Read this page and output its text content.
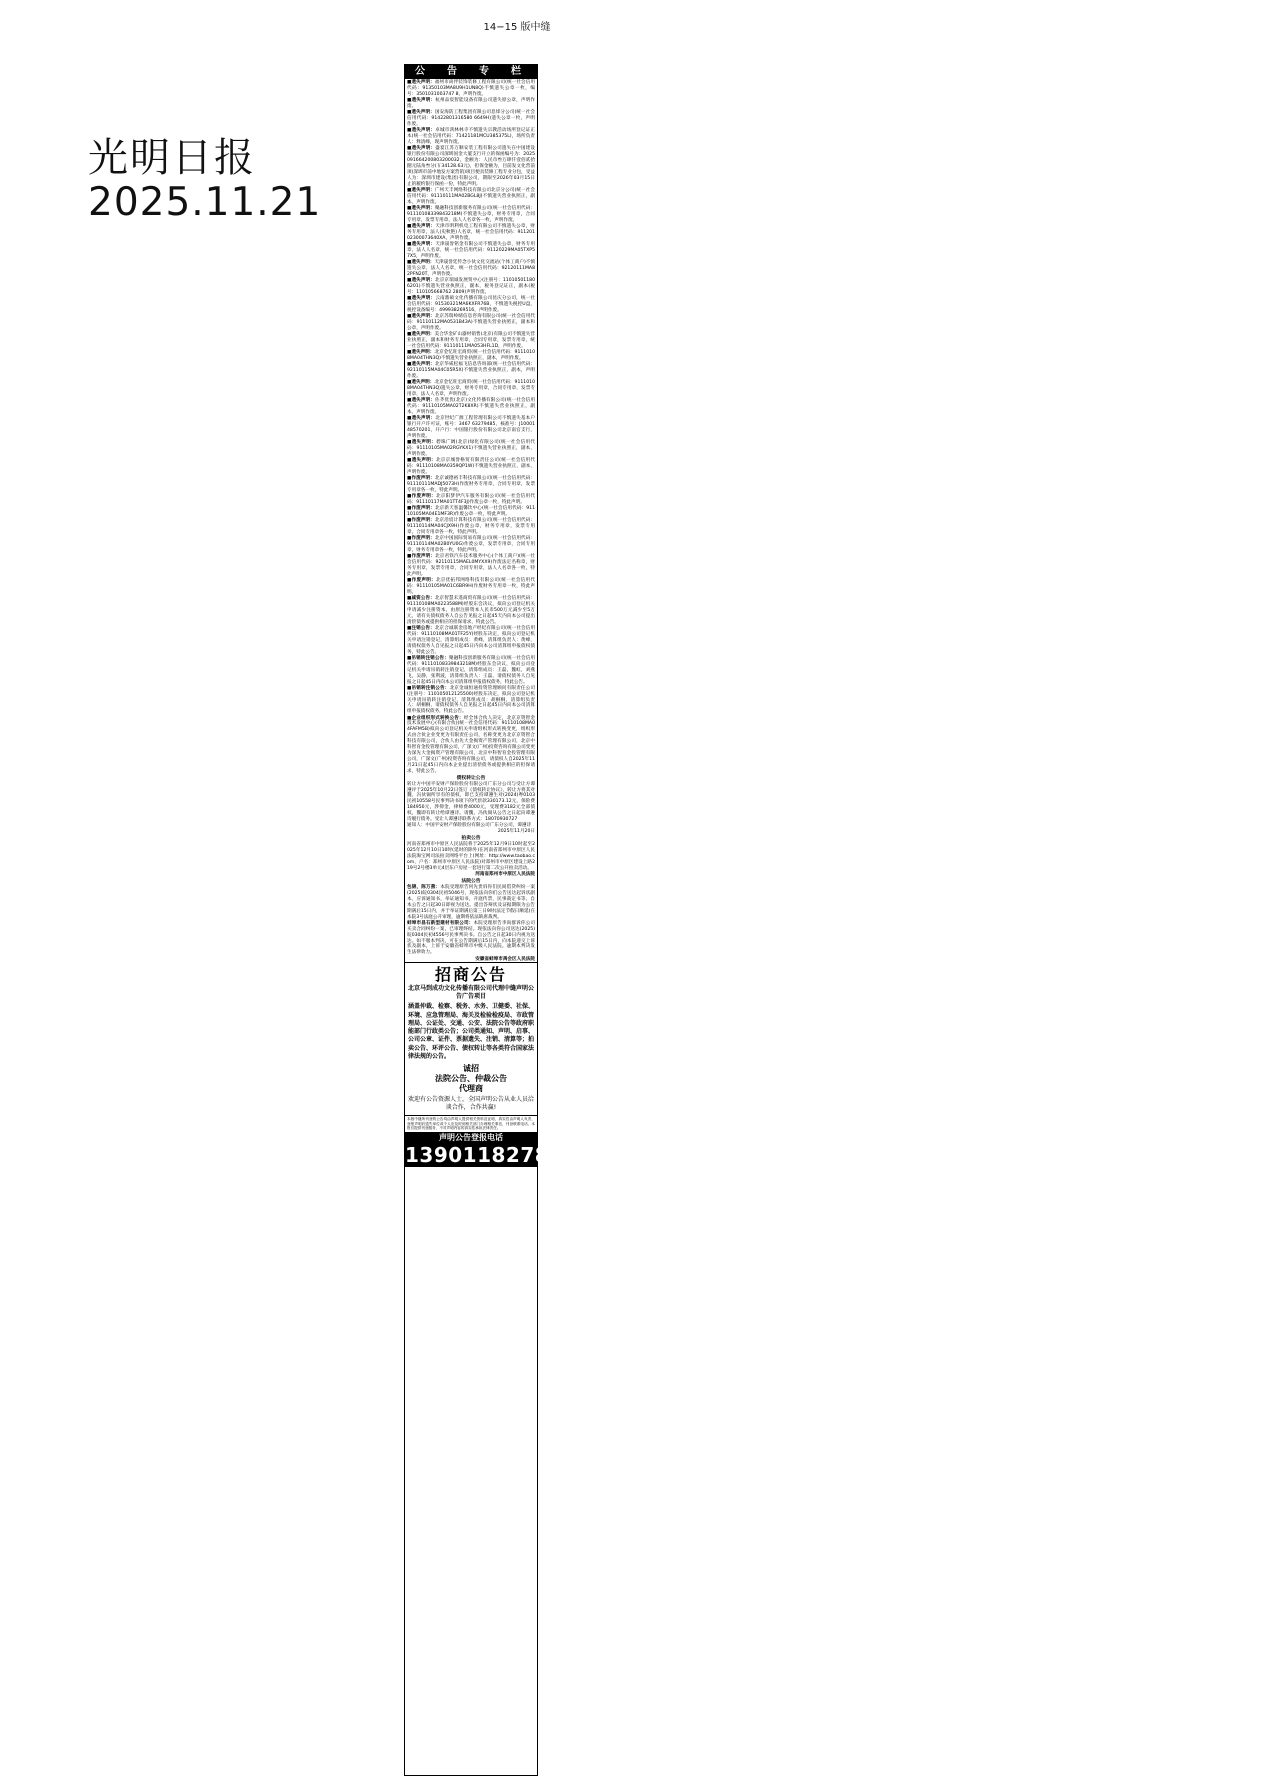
14−15 版中缝
光明日报
2025.11.21
公　告　专　栏

■遗失声明：福州市尚伴装饰装修工程有限公司(统一社会信用代码：91350103MA8U9H1UN8Q)不慎遗失公章一枚，编号：3501031003747 8，声明作废。

■遗失声明：杭州品宸智能设备有限公司遗失原公章，声明作废。

■遗失声明：国安海防工程集团有限公司息烽分公司(统一社会信用代码：91422801316580 6649H)遗失公章一枚，声明作废。

■遗失声明：卓城市鸿林林寺不慎遗失宗教活动场所登记证正本(统一社会信用代码：71421181MCU385375L)，场所负责人：释清峰，现声明作废。

■遗失声明：盛宴江苏万顺安装工程有限公司遗失在中国建设银行股份有限公司深圳国金大厦支行开立的保函编号为：2025091664200803200032，金额为：人民币叁万肆仟壹佰贰拾捌元陆角叁分(￥34128.63元)，担保金额为，目前发文化营前项(深圳市前中地发方案营销)项目便具装修工程专业分包，受益人为：深圳市建设(集团)有限公司，期限至2026年03月15日止的履约银行保函一份，特此声明。

■遗失声明：广州天丰网络科技有限公司北京分公司(统一社会信用代码：91110111MA02BGL8J)不慎遗失营业执照正，副本，声明作废。

■遗失声明：聚融科技创新服务有限公司(统一社会信用代码：91110108339843218M)不慎遗失公章，财务专用章，合同专用章，发票专用章，法人人名章各一枚，声明作废。

■遗失声明：天津市明利机电工程有限公司不慎遗失公章，财务专用章，法人(史秋艳)人名章，统一社会信用代码：91120102300073640XA，声明作废。

■遗失声明：天津晟誉铭金有限公司不慎遗失公章，财务专用章，法人人名章，统一社会信用代码：91120229MA05TXP57X5，声明作废。

■遗失声明：天津晟誉廷传念小伙文化交流站(个体工商户)不慎遗失公章，法人人名章，统一社会信用代码：92120111MA82PFN20T，声明作废。

■遗失声明：北京京瑞诚发展贸中心(注册号：110105011806201)不慎遗失营业执照正，副本，税务登记证正，副本(税号：110105668762 2809)声明作废。

■遗失声明：云南鼎硕文化传播有限公司昆庆分公司，统一社会信用代码：91530321MA6KXFR76B，不慎遗失税控U盘，税控设备编号：499938269516，声明作废。

■遗失声明：北京苏瑞岭晴信息咨询有限公司(统一社会信用代码：91110112MA0531B43A)不慎遗失营业执照正，副本和公章，声明作废。

■遗失声明：美合华金矿山器材销售(北京)有限公司不慎遗失营业执照正，副本和财务专用章，合同专用章，发票专用章，统一社会信用代码：91110111MA053HFL1D，声明作废。

■遗失声明：北京金忆旺宏商贸(统一社会信用代码：91110108MA04THN3Q)不慎遗失营业执照正，副本，声明作废。

■遗失声明：北京华威松福飞信息咨询部(统一社会信用代码：92110115MA04C05R5X)不慎遗失营业执照正，副本，声明作废。

■遗失声明：北京金忆旺宏商贸(统一社会信用代码：91110108MA04THN3Q)遗失公章，财务专用章，合同专用章，发票专用章，法人人名章，声明作废。

■遗失声明：佐齐优优(北京)文化传播有限公司(统一社会信用代码：91110105MA02T2K8XR)不慎遗失营业执照正，副本，声明作废。

■遗失声明：北京世纪广源工程管理有限公司不慎遗失基本户银行开户许可证，账号：3467 63279485，核准号：J1000148570201，开户行：中国银行股份有限公司北京南官支行，声明作废。

■遗失声明：碧珠广阔(北京)绿化有限公司(统一社会信用代码：91110105MA02RGYKX1)不慎遗失营业执照正，副本，声明作废。

■遗失声明：北京京城誉格贸有限责任公司(统一社会信用代码：91110108MA0359QP1W)不慎遗失营业执照正，副本，声明作废。

■作废声明：北京诚德裕丰科技有限公司(统一社会信用代码：91110111MADJ5073H)作废财务专用章，合同专用章，发票专用章各一枚，特此声明。

■作废声明：北京阳梦伊汽车服务有限公司(统一社会信用代码：91110117MA01TT4F3J)作废公章一枚，特此声明。

■作废声明：北京新天客温馨饮中心(统一社会信用代码：91110105MA04E1MF3R)作废公章一枚，特此声明。

■作废声明：北京沿宸计算科技有限公司(统一社会信用代码：91110114MA04CJX9H)作废公章，财务专用章，发票专用章，合同专用章各一枚，特此声明。

■作废声明：北京中国国际贸易有限公司(统一社会信用代码：91110114MA02B0YU0G)作废公章，发票专用章，合同专用章，财务专用章各一枚，特此声明。

■作废声明：北京君铁汽车技术服务中心(个体工商户)(统一社会信用代码：92110115MAEL0MYXX9)作废法定名称章，财务专用章，发票专用章，合同专用章，法人人名章各一枚，特此声明。

■作废声明：北京优拓邦网络科技有限公司(统一社会信用代码：91110105MA01C6BR9H)作废财务专用章一枚，特此声明。

■减资公告：北京智慧未遥商贸有限公司(统一社会信用代码：91110108MA0223588M)经股东会决议，拟向公司登记机关申请减少注册资本，由原注册资本人民币500万元减少至5万元，请有关债权债务人自公告见报之日起45天内向本公司提出清偿债务或提供相应的担保请求，特此公告。

■注销公告：北京合诚联金房地产经纪有限公司(统一社会信用代码：91110108MA01TF25Y)经股东决定，拟向公司登记机关申请注销登记，清算组成员：黄峰，清算组负责人：黄峰，请债权债务人自见报之日起45日内向本公司清算组申报债权债务，特此公告。

■吊销转注销公告：聚融科技创新服务有限公司(统一社会信用代码：91110108339843218M)经股东会决议，拟向公司登记机关申请吊销转注销登记，清算组成员：王磊，魏虹，刘燕飞，吴静，张利波，清算组负责人：王磊，请债权债务人自见报之日起45日内向本公司清算组申报债权债务，特此公告。

■吊销转注销公告：北京金诚恒通投资管理顾问有限责任公司(注册号：110105012125500)经股东决定，拟向公司登记机关申请吊销转注销登记，清算组成员：胡桐桐，清算组负责人：胡桐桐，请债权债务人自见报之日起45日内向本公司清算组申报债权债务，特此公告。

■企业组织形式转换公告：经全体合伙人决定，北京京资智金技术发展中心(有限合伙)(统一社会信用代码：91110108MA04FAFM5B)拟向公司登记机关申请组织形式转换变更，组织形式由合伙企业变更为有限责任公司，名称变更为北京京资智合科技有限公司，合伙人由先大金揭资产管理有限公司，北京中科智育金投管理有限公司，广深文(广州)投资咨询有限公司变更为深先大金揭资产管理有限公司，北京中科智育金投管理有限公司，广深文(广州)投资咨询有限公司，请债权人自2025年11月21日起45日内向本企业提出清偿债务或提供相应的担保请求，特此公告。

债权转让公告

转让方中国平安财产保险股份有限公司广东分公司与受让方谭遵评于2025年10月22日签订《债权转让协议》，转让方将其对魏，冯伙锡所享有的债权，即已支持谭遵生对(2024)粤0103民初10558号民事判决书项下的代偿款330173.12元，保险费184950元，涉抑金，律师费4000元，受理费3182元全部债权，魏即有转让给谭遵诗。请魏，冯伙锡从公告之日起向谭遵诗履行债务。受让人谭遵诗联系方式：18070930727

通知人：中国平安财产保险股份有限公司广东分公司，谭遵诗

2025年11月20日

拍卖公告

河南省郑州市中原区人民法院将于2025年12月9日10时起至2025年12月10日10时(延时的除外)在河南省郑州市中原区人民法院淘宝网司法拍卖网络平台上(网址：http://www.taobao.com，户名：郑州市中原区人民法院)对郑州市中原区建设上路219号2号楼3单元4层东户房屋一套进行第二次公开拍卖活动。

河南省郑州市中原区人民法院

法院公告

包锦，陈万燕：本院受理原告何先贵诉你们民间借贷纠纷一案(2025)皖0304民初5046号，现依法向你们公告送达起诉状副本，应诉通知书，举证通知书，开庭传票，民事裁定书等。自本公告之日起30日即视为送达。提出答辩状及证据期限为公告期满后15日内，并于举证期满后第三日9时(法定节假日顺延)在本院3号法庭公开审理，逾期将依法缺席裁判。

蚌埠市昌石新型建材有限公司：本院受理原告李尚群诉你公司买卖合同纠纷一案，已审理终结。现依法向你公司送达(2025)皖0304民初4556号民事判决书。自公告之日起30日内视为送达。如不服本判决，可在公告期满后15日内，向本院递交上诉状及副本，上诉于安徽省蚌埠市中级人民法院。逾期本判决发生法律效力。

安徽省蚌埠市禹会区人民法院

招商公告
北京马到成功文化传播有限公司代理中缝声明公告广告项目
涵盖仲裁、检察、税务、水务、卫健委、社保、环境、应急管理局、海关及检验检疫局、市政管理局、公证处、交通、公安、法院公告等政府职能部门行政类公告；公司类通知、声明、启事、公司公章、证件、票据遗失、注销、清算等；拍卖公告、环评公告、债权转让等各类符合国家法律法规的公告。
诚招
法院公告、仲裁公告
代理商
欢迎有公告资源人士，全国声明公告从业人员洽谈合作，合作共赢!
本版中缝所刊登的公告均由声明人提供相关资料及证明，真实性由声明人负责，登报声明后遗失单位或个人应及时到相关部门办理相关事宜，刊登联系电话，本报仅提供刊登服务，不对声明内容的真实性承担法律责任。
声明公告登报电话
13901182789
